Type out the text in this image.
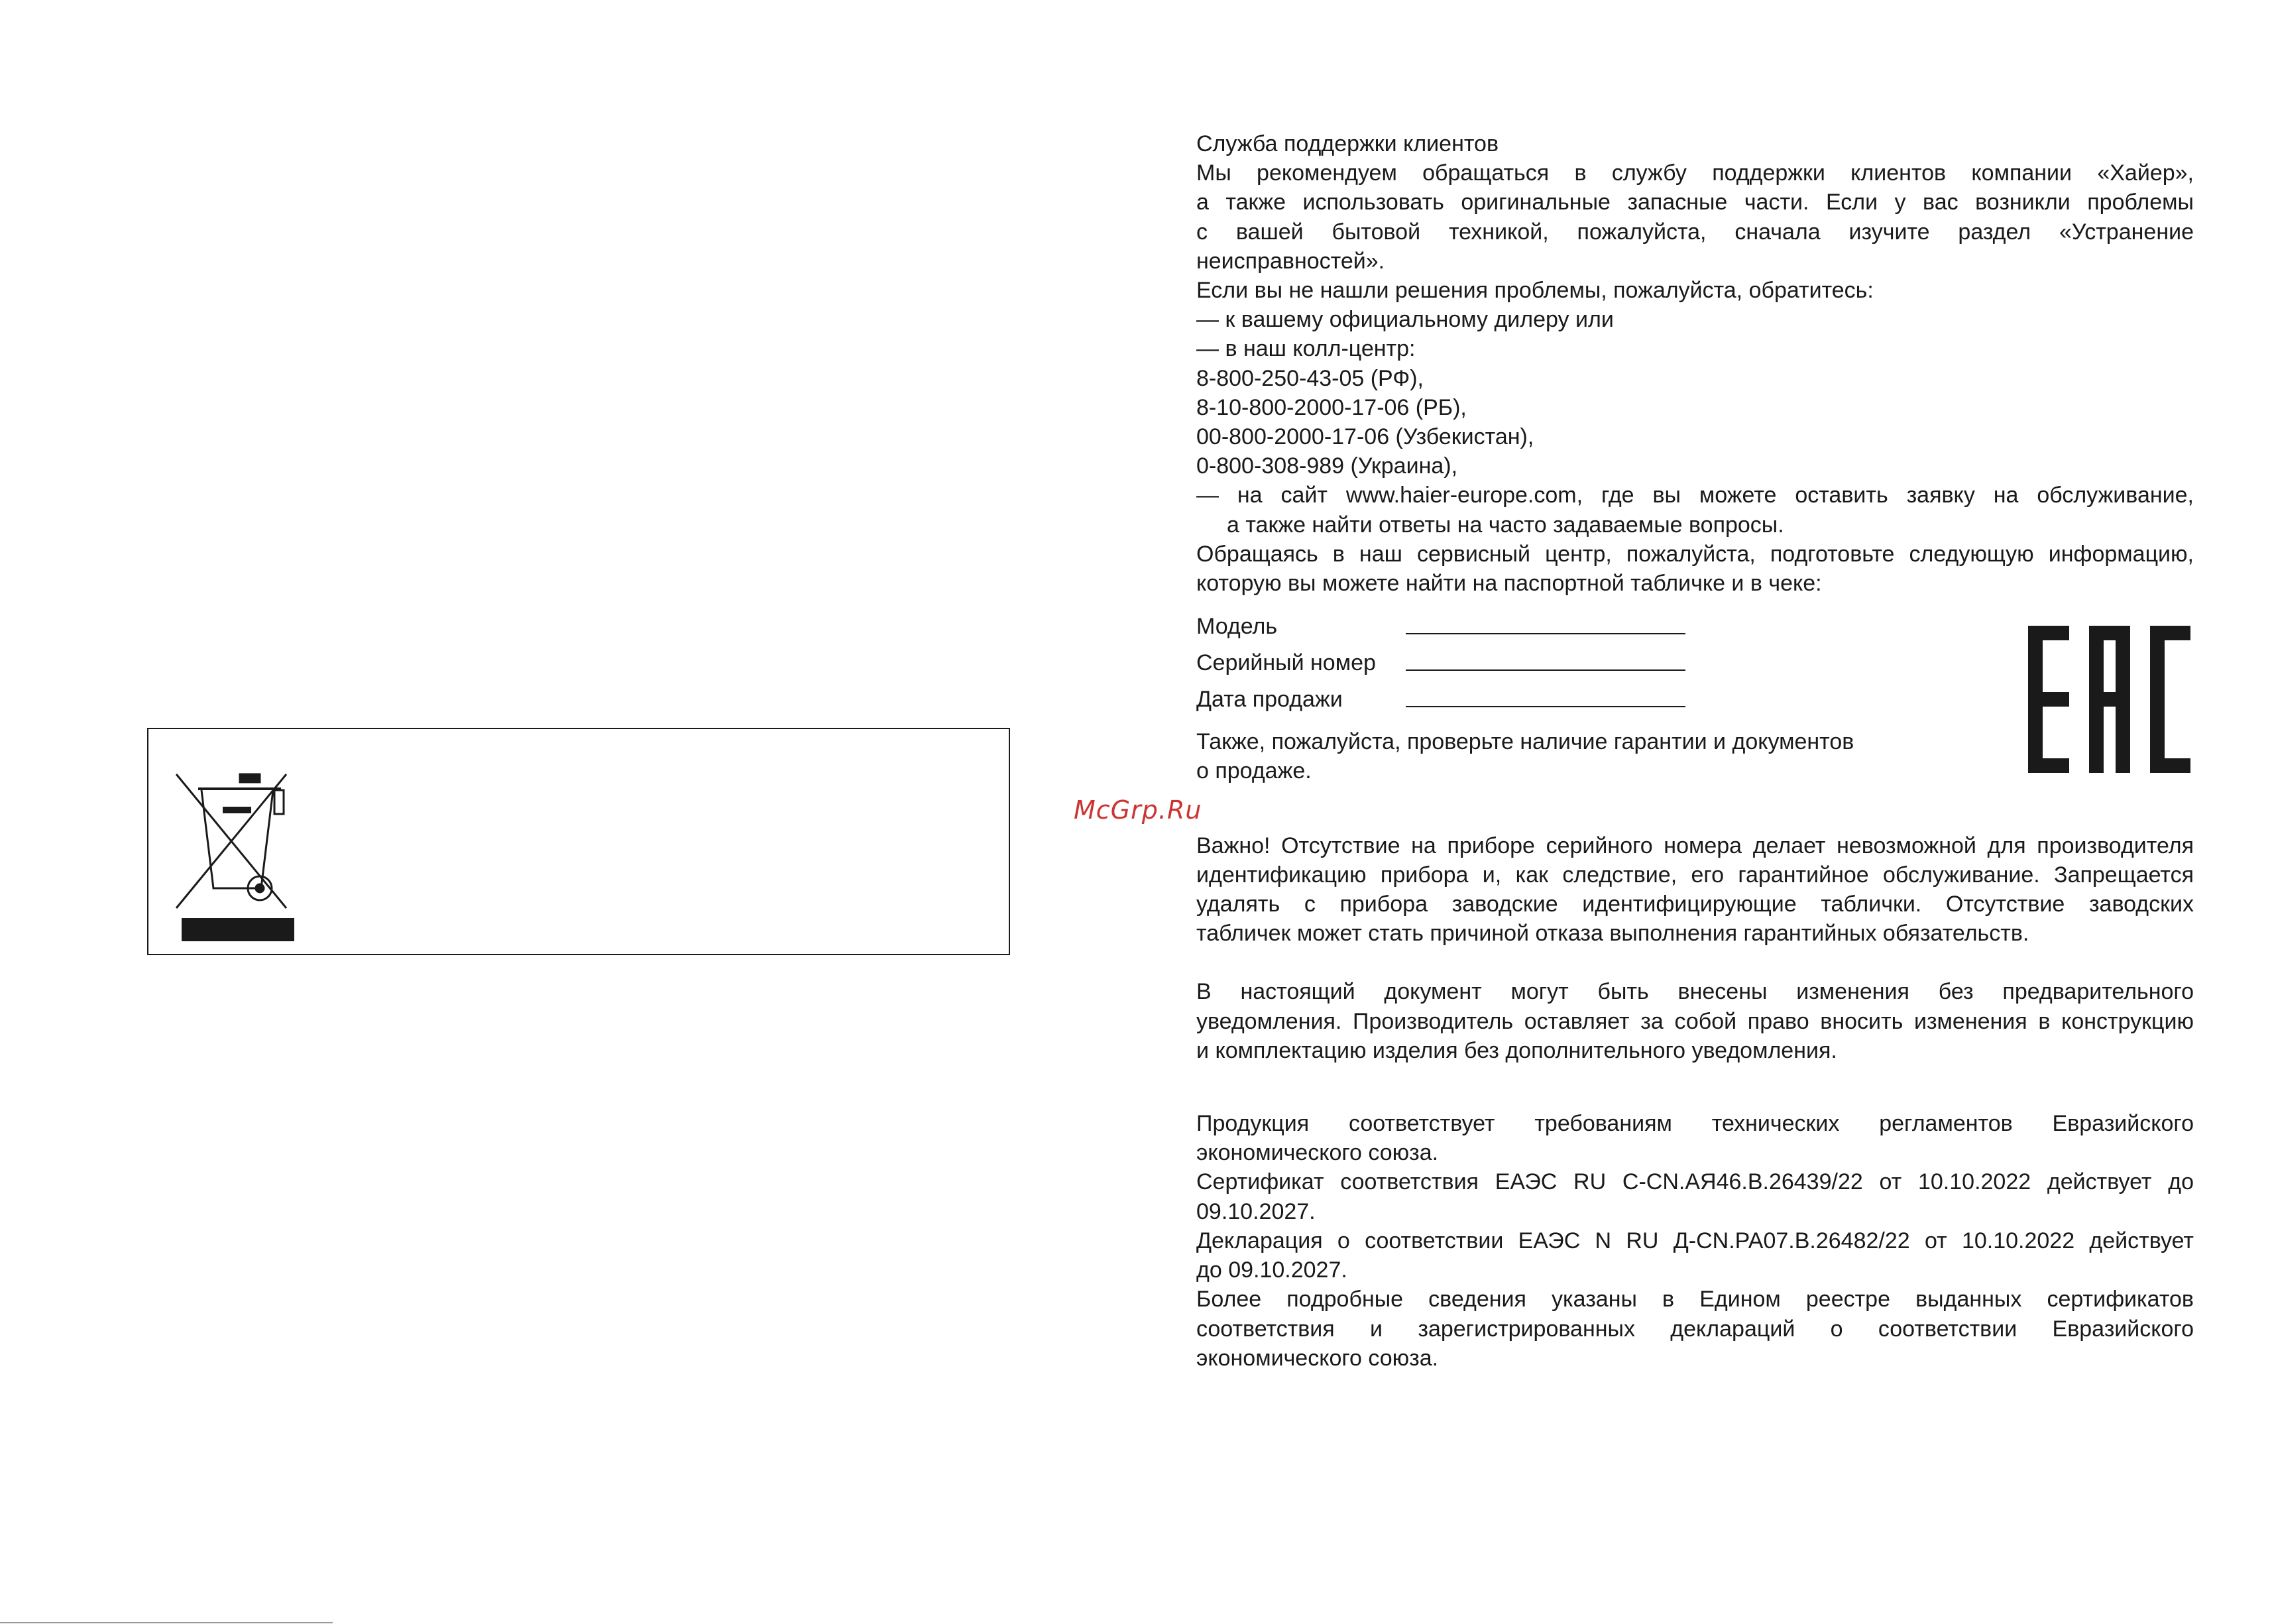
McGrp.Ru

Служба поддержки клиентов

Мы рекомендуем обращаться в службу поддержки клиентов компании «Хайер»,

а также использовать оригинальные запасные части. Если у вас возникли проблемы

с вашей бытовой техникой, пожалуйста, сначала изучите раздел «Устранение

неисправностей».

Если вы не нашли решения проблемы, пожалуйста, обратитесь:

— к вашему официальному дилеру или

— в наш колл-центр:

8-800-250-43-05 (РФ),

8-10-800-2000-17-06 (РБ),

00-800-2000-17-06 (Узбекистан),

0-800-308-989 (Украина),

— на сайт www.haier-europe.com, где вы можете оставить заявку на обслуживание,

а также найти ответы на часто задаваемые вопросы.

Обращаясь в наш сервисный центр, пожалуйста, подготовьте следующую информацию,

которую вы можете найти на паспортной табличке и в чеке:

Модель
Серийный номер
Дата продажи

Также, пожалуйста, проверьте наличие гарантии и документов

о продаже.

Важно! Отсутствие на приборе серийного номера делает невозможной для производителя

идентификацию прибора и, как следствие, его гарантийное обслуживание. Запрещается

удалять с прибора заводские идентифицирующие таблички. Отсутствие заводских

табличек может стать причиной отказа выполнения гарантийных обязательств.

В настоящий документ могут быть внесены изменения без предварительного

уведомления. Производитель оставляет за собой право вносить изменения в конструкцию

и комплектацию изделия без дополнительного уведомления.

Продукция соответствует требованиям технических регламентов Евразийского

экономического союза.

Сертификат соответствия ЕАЭС RU C-CN.АЯ46.В.26439/22 от 10.10.2022 действует до

09.10.2027.

Декларация о соответствии ЕАЭС N RU Д-CN.PA07.B.26482/22 от 10.10.2022 действует

до 09.10.2027.

Более подробные сведения указаны в Едином реестре выданных сертификатов

соответствия и зарегистрированных деклараций о соответствии Евразийского

экономического союза.
